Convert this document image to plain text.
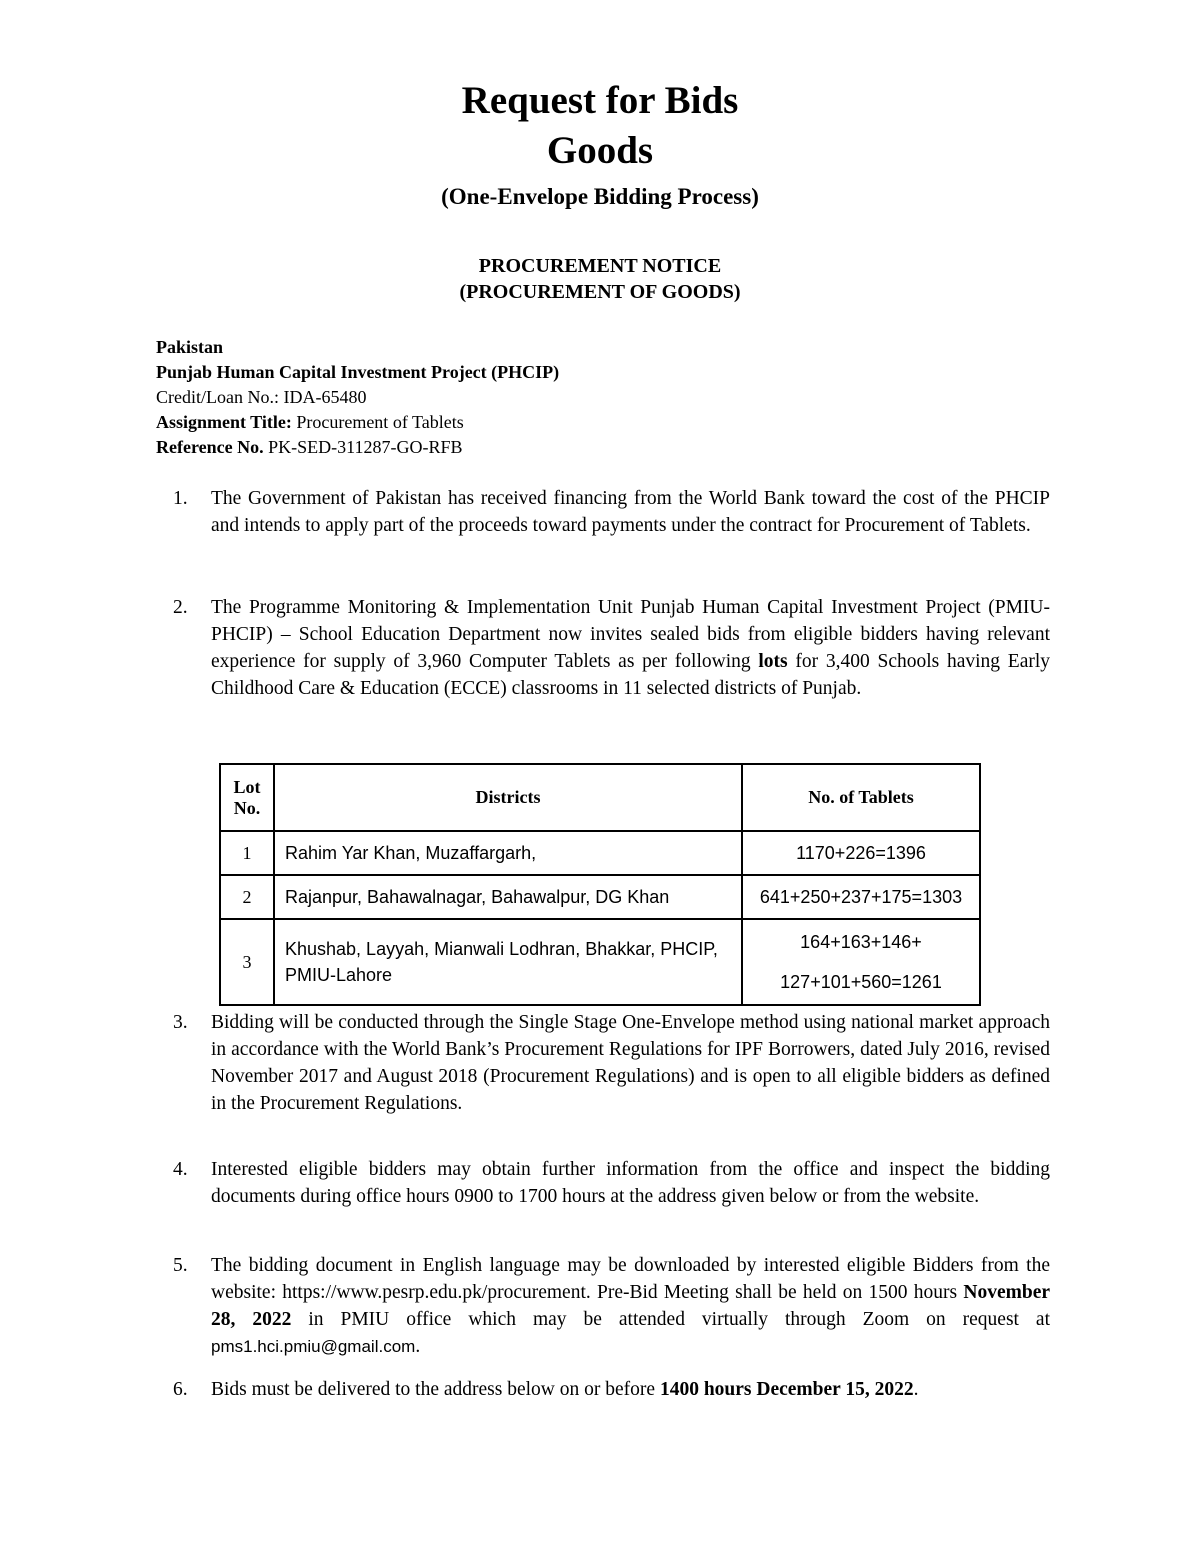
Request for Bids
Goods
(One-Envelope Bidding Process)
PROCUREMENT NOTICE
(PROCUREMENT OF GOODS)
Pakistan
Punjab Human Capital Investment Project (PHCIP)
Credit/Loan No.: IDA-65480
Assignment Title: Procurement of Tablets
Reference No. PK-SED-311287-GO-RFB
1. The Government of Pakistan has received financing from the World Bank toward the cost of the PHCIP and intends to apply part of the proceeds toward payments under the contract for Procurement of Tablets.
2. The Programme Monitoring & Implementation Unit Punjab Human Capital Investment Project (PMIU-PHCIP) – School Education Department now invites sealed bids from eligible bidders having relevant experience for supply of 3,960 Computer Tablets as per following lots for 3,400 Schools having Early Childhood Care & Education (ECCE) classrooms in 11 selected districts of Punjab.
Lot No.	Districts	No. of Tablets
1	Rahim Yar Khan, Muzaffargarh,	1170+226=1396
2	Rajanpur, Bahawalnagar, Bahawalpur, DG Khan	641+250+237+175=1303
3	Khushab, Layyah, Mianwali Lodhran, Bhakkar, PHCIP, PMIU-Lahore	164+163+146+
127+101+560=1261
3. Bidding will be conducted through the Single Stage One-Envelope method using national market approach in accordance with the World Bank’s Procurement Regulations for IPF Borrowers, dated July 2016, revised November 2017 and August 2018 (Procurement Regulations) and is open to all eligible bidders as defined in the Procurement Regulations.
4. Interested eligible bidders may obtain further information from the office and inspect the bidding documents during office hours 0900 to 1700 hours at the address given below or from the website.
5. The bidding document in English language may be downloaded by interested eligible Bidders from the website: https://www.pesrp.edu.pk/procurement. Pre-Bid Meeting shall be held on 1500 hours November 28, 2022 in PMIU office which may be attended virtually through Zoom on request at pms1.hci.pmiu@gmail.com.
6. Bids must be delivered to the address below on or before 1400 hours December 15, 2022.
